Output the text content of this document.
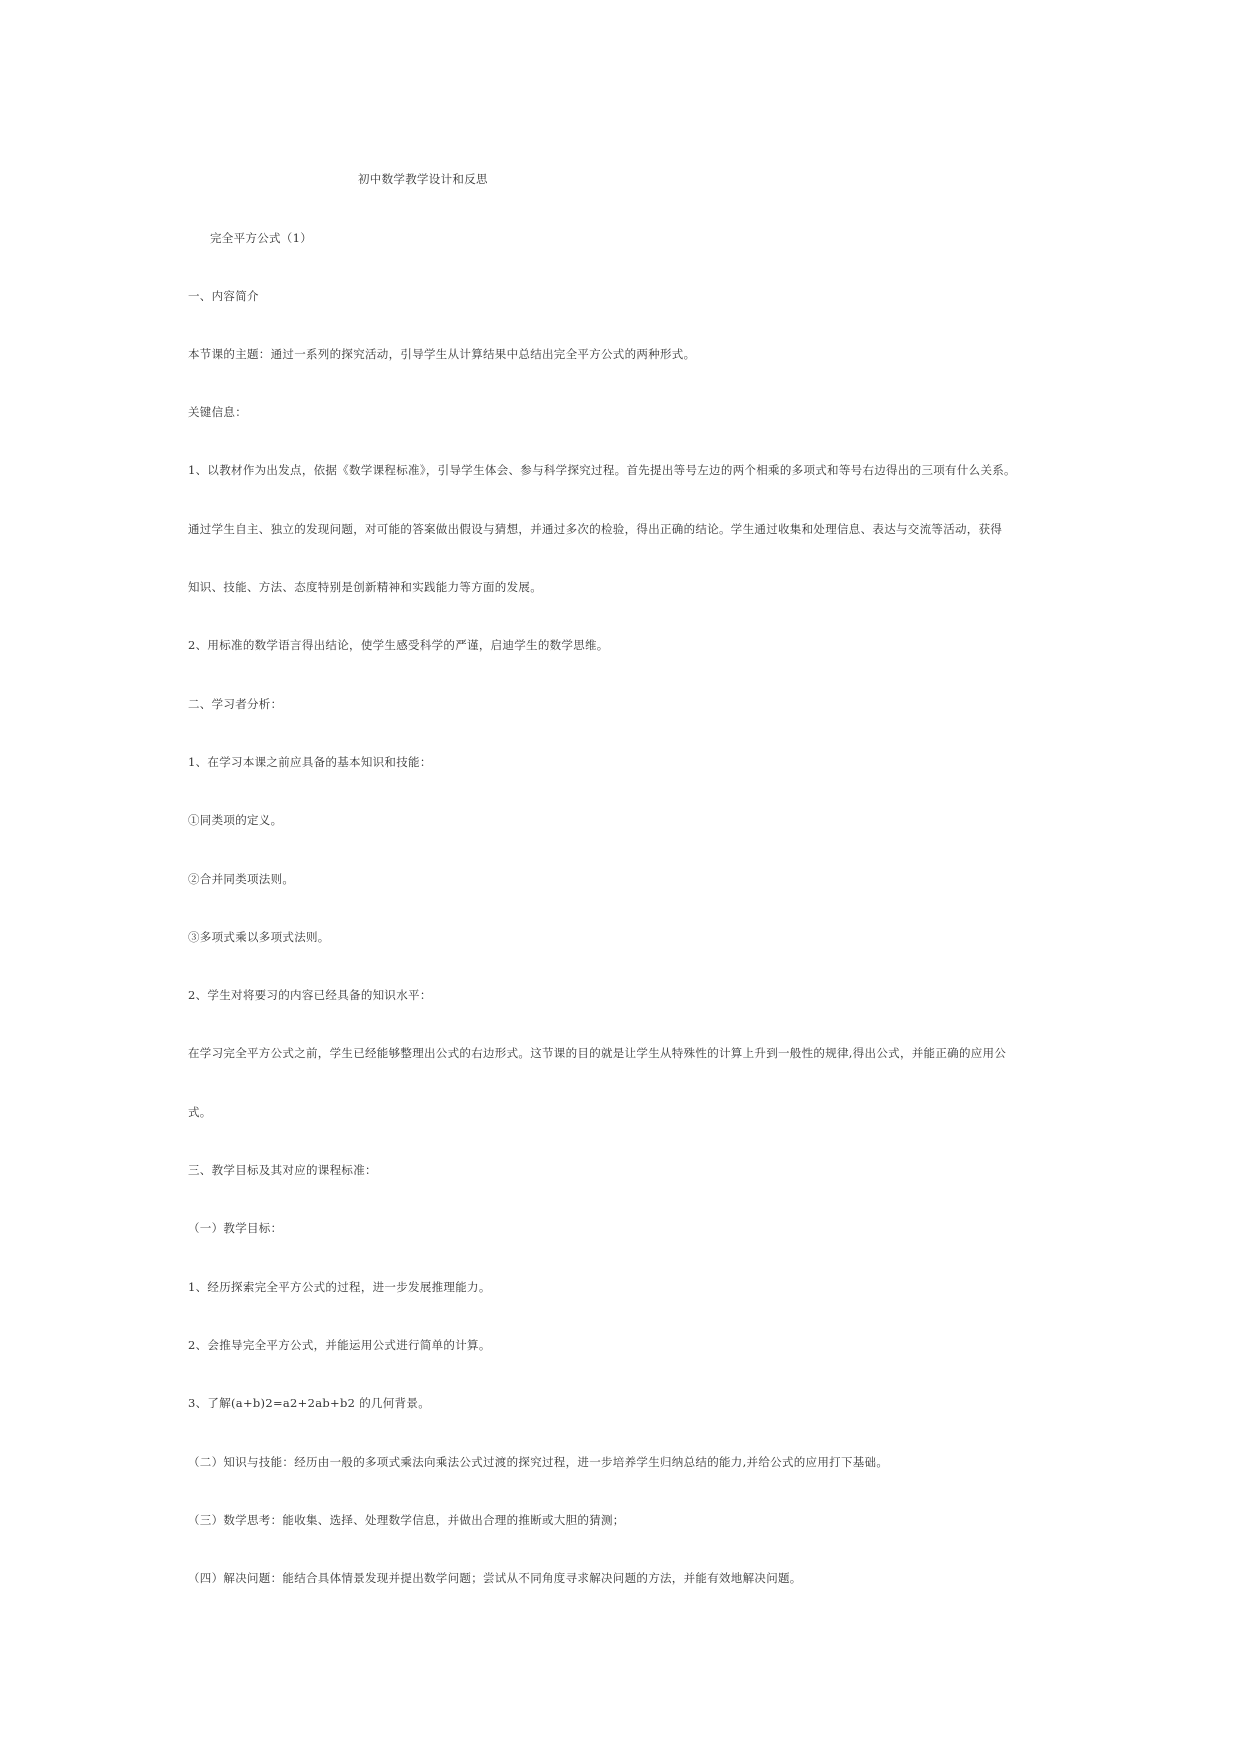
初中数学教学设计和反思
完全平方公式（1）
一、内容简介
本节课的主题：通过一系列的探究活动，引导学生从计算结果中总结出完全平方公式的两种形式。
关键信息：
1、以教材作为出发点，依据《数学课程标准》，引导学生体会、参与科学探究过程。首先提出等号左边的两个相乘的多项式和等号右边得出的三项有什么关系。
通过学生自主、独立的发现问题，对可能的答案做出假设与猜想，并通过多次的检验，得出正确的结论。学生通过收集和处理信息、表达与交流等活动，获得
知识、技能、方法、态度特别是创新精神和实践能力等方面的发展。
2、用标准的数学语言得出结论，使学生感受科学的严谨，启迪学生的数学思维。
二、学习者分析：
1、在学习本课之前应具备的基本知识和技能：
①同类项的定义。
②合并同类项法则。
③多项式乘以多项式法则。
2、学生对将要习的内容已经具备的知识水平：
在学习完全平方公式之前，学生已经能够整理出公式的右边形式。这节课的目的就是让学生从特殊性的计算上升到一般性的规律,得出公式，并能正确的应用公
式。
三、教学目标及其对应的课程标准：
（一）教学目标：
1、经历探索完全平方公式的过程，进一步发展推理能力。
2、会推导完全平方公式，并能运用公式进行简单的计算。
3、了解(a+b)2=a2+2ab+b2 的几何背景。
（二）知识与技能：经历由一般的多项式乘法向乘法公式过渡的探究过程，进一步培养学生归纳总结的能力,并给公式的应用打下基础。
（三）数学思考：能收集、选择、处理数学信息，并做出合理的推断或大胆的猜测；
（四）解决问题：能结合具体情景发现并提出数学问题；尝试从不同角度寻求解决问题的方法，并能有效地解决问题。
